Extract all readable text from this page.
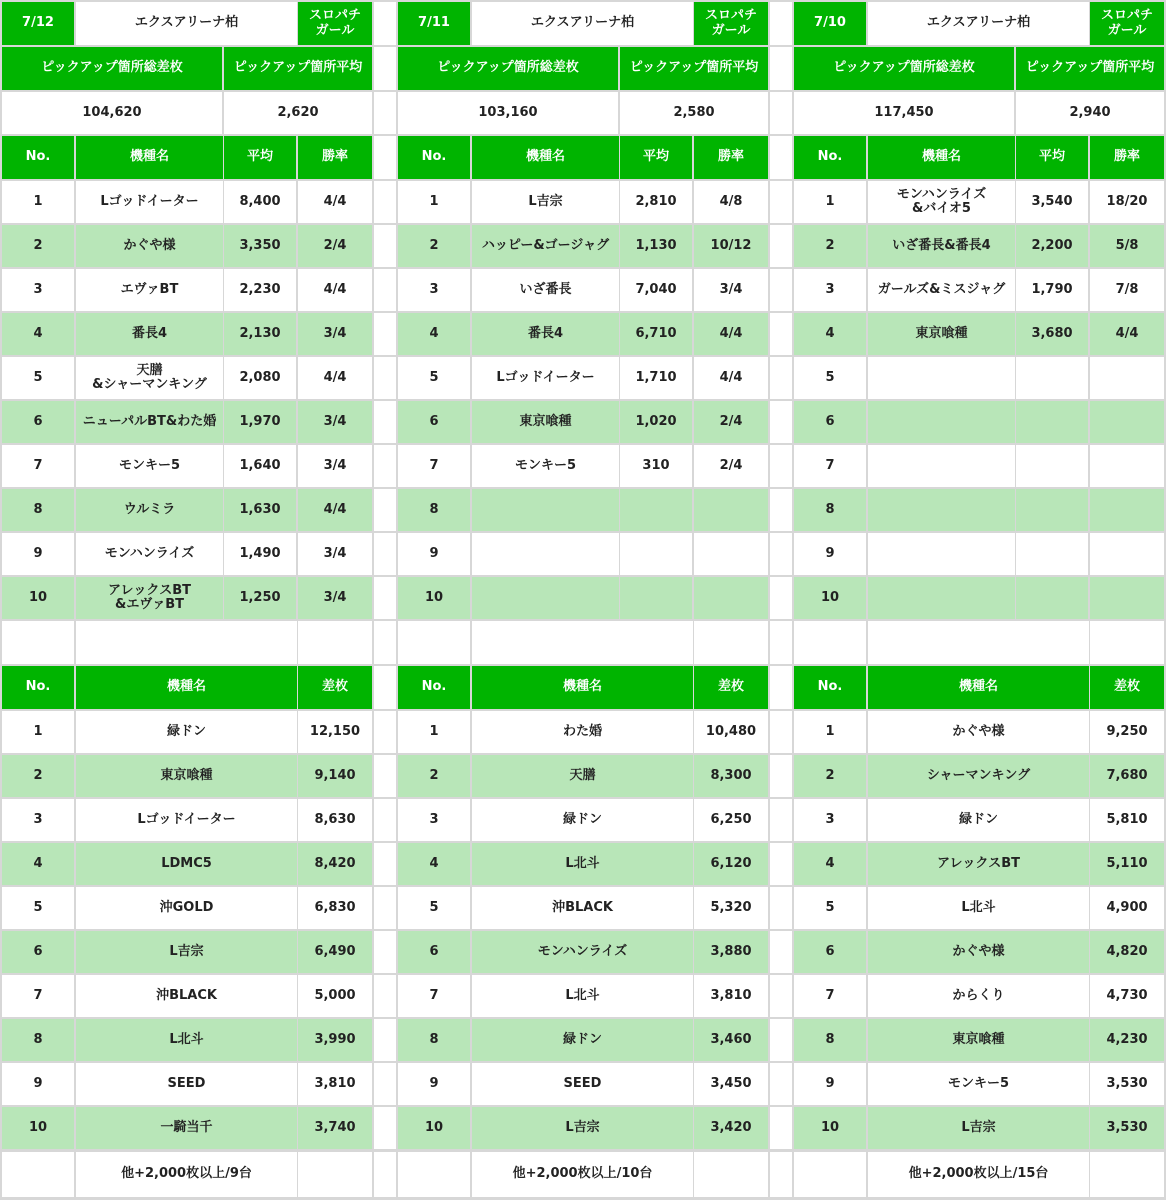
7/12	エクスアリーナ柏	スロパチ
ガール
ピックアップ箇所総差枚	ピックアップ箇所平均
104,620	2,620
No.	機種名	平均	勝率
1	Lゴッドイーター	8,400	4/4
2	かぐや様	3,350	2/4
3	エヴァBT	2,230	4/4
4	番長4	2,130	3/4
5	天膳
&シャーマンキング	2,080	4/4
6	ニューパルBT&わた婚	1,970	3/4
7	モンキー5	1,640	3/4
8	ウルミラ	1,630	4/4
9	モンハンライズ	1,490	3/4
10	アレックスBT
&エヴァBT	1,250	3/4
No.	機種名	差枚
1	緑ドン	12,150
2	東京喰種	9,140
3	Lゴッドイーター	8,630
4	LDMC5	8,420
5	沖GOLD	6,830
6	L吉宗	6,490
7	沖BLACK	5,000
8	L北斗	3,990
9	SEED	3,810
10	一騎当千	3,740
他+2,000枚以上/9台
7/11	エクスアリーナ柏	スロパチ
ガール
ピックアップ箇所総差枚	ピックアップ箇所平均
103,160	2,580
No.	機種名	平均	勝率
1	L吉宗	2,810	4/8
2	ハッピー&ゴージャグ	1,130	10/12
3	いざ番長	7,040	3/4
4	番長4	6,710	4/4
5	Lゴッドイーター	1,710	4/4
6	東京喰種	1,020	2/4
7	モンキー5	310	2/4
8
9
10
No.	機種名	差枚
1	わた婚	10,480
2	天膳	8,300
3	緑ドン	6,250
4	L北斗	6,120
5	沖BLACK	5,320
6	モンハンライズ	3,880
7	L北斗	3,810
8	緑ドン	3,460
9	SEED	3,450
10	L吉宗	3,420
他+2,000枚以上/10台
7/10	エクスアリーナ柏	スロパチ
ガール
ピックアップ箇所総差枚	ピックアップ箇所平均
117,450	2,940
No.	機種名	平均	勝率
1	モンハンライズ
&バイオ5	3,540	18/20
2	いざ番長&番長4	2,200	5/8
3	ガールズ&ミスジャグ	1,790	7/8
4	東京喰種	3,680	4/4
5
6
7
8
9
10
No.	機種名	差枚
1	かぐや様	9,250
2	シャーマンキング	7,680
3	緑ドン	5,810
4	アレックスBT	5,110
5	L北斗	4,900
6	かぐや様	4,820
7	からくり	4,730
8	東京喰種	4,230
9	モンキー5	3,530
10	L吉宗	3,530
他+2,000枚以上/15台
